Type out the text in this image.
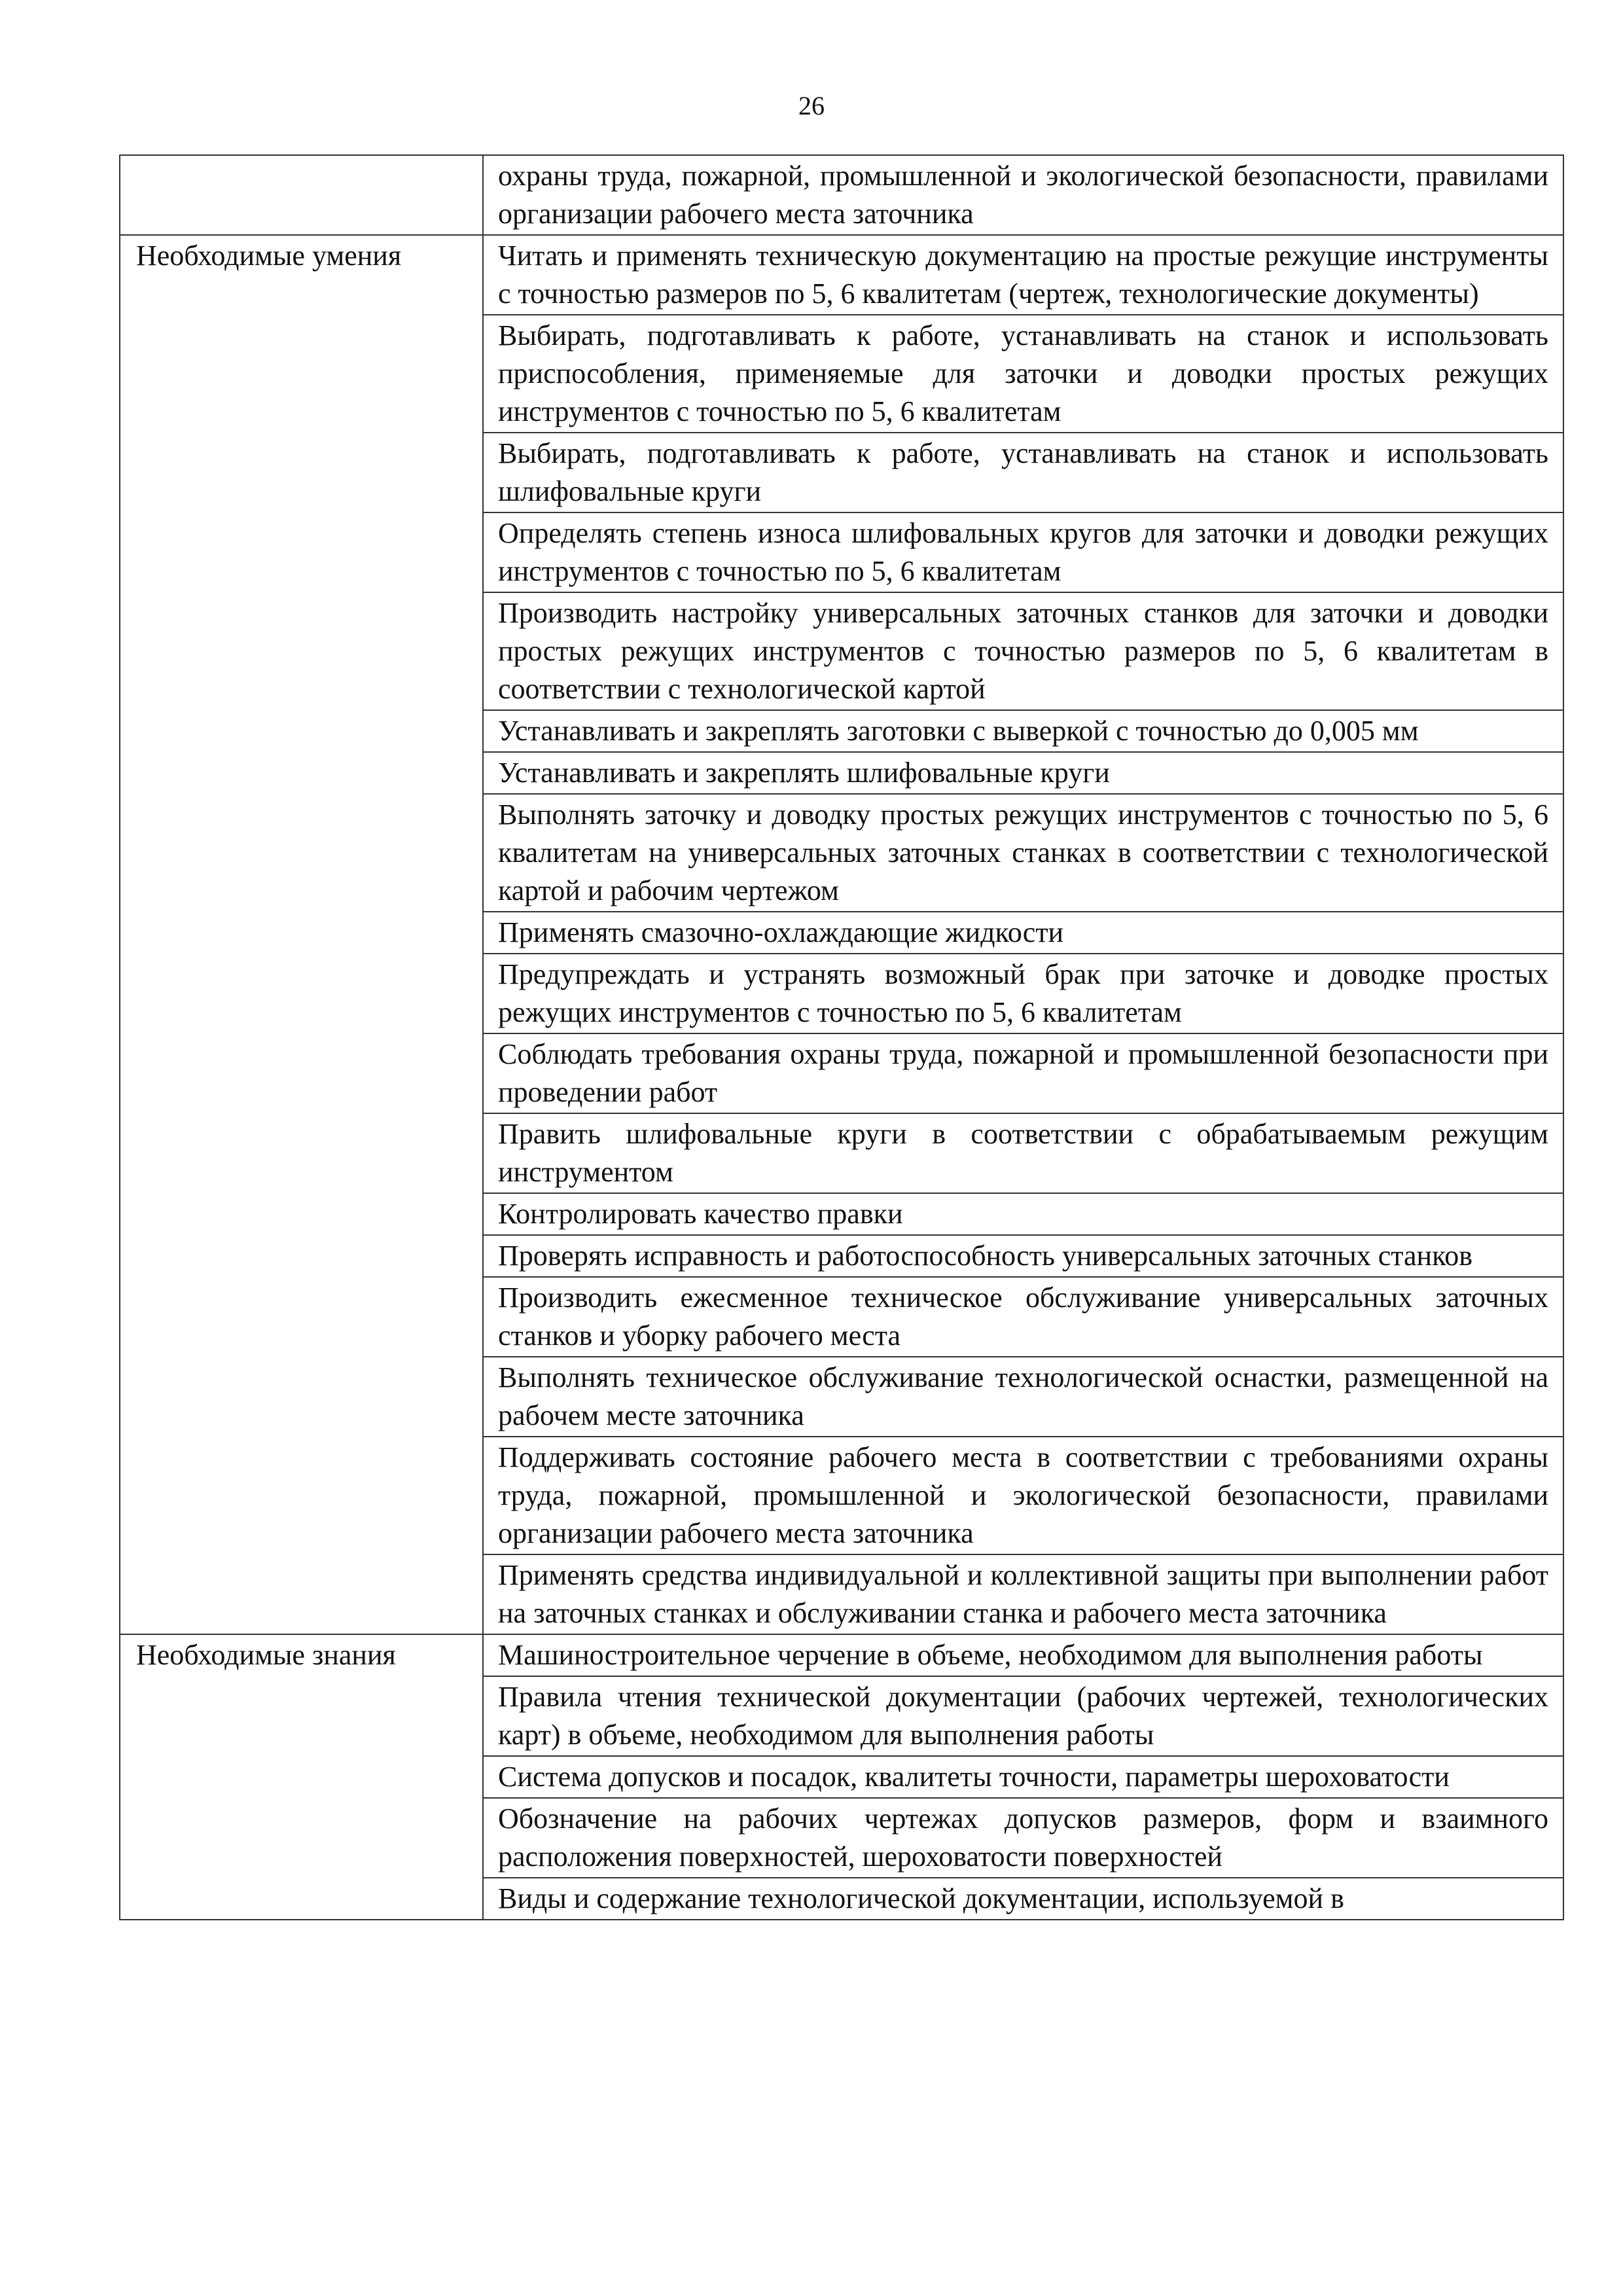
26
	охраны труда, пожарной, промышленной и экологической безопасности, правилами организации рабочего места заточника
Необходимые умения	Читать и применять техническую документацию на простые режущие инструменты с точностью размеров по 5, 6 квалитетам (чертеж, технологические документы)
	Выбирать, подготавливать к работе, устанавливать на станок и использовать приспособления, применяемые для заточки и доводки простых режущих инструментов с точностью по 5, 6 квалитетам
	Выбирать, подготавливать к работе, устанавливать на станок и использовать шлифовальные круги
	Определять степень износа шлифовальных кругов для заточки и доводки режущих инструментов с точностью по 5, 6 квалитетам
	Производить настройку универсальных заточных станков для заточки и доводки простых режущих инструментов с точностью размеров по 5, 6 квалитетам в соответствии с технологической картой
	Устанавливать и закреплять заготовки с выверкой с точностью до 0,005 мм
	Устанавливать и закреплять шлифовальные круги
	Выполнять заточку и доводку простых режущих инструментов с точностью по 5, 6 квалитетам на универсальных заточных станках в соответствии с технологической картой и рабочим чертежом
	Применять смазочно-охлаждающие жидкости
	Предупреждать и устранять возможный брак при заточке и доводке простых режущих инструментов с точностью по 5, 6 квалитетам
	Соблюдать требования охраны труда, пожарной и промышленной безопасности при проведении работ
	Править шлифовальные круги в соответствии с обрабатываемым режущим инструментом
	Контролировать качество правки
	Проверять исправность и работоспособность универсальных заточных станков
	Производить ежесменное техническое обслуживание универсальных заточных станков и уборку рабочего места
	Выполнять техническое обслуживание технологической оснастки, размещенной на рабочем месте заточника
	Поддерживать состояние рабочего места в соответствии с требованиями охраны труда, пожарной, промышленной и экологической безопасности, правилами организации рабочего места заточника
	Применять средства индивидуальной и коллективной защиты при выполнении работ на заточных станках и обслуживании станка и рабочего места заточника
Необходимые знания	Машиностроительное черчение в объеме, необходимом для выполнения работы
	Правила чтения технической документации (рабочих чертежей, технологических карт) в объеме, необходимом для выполнения работы
	Система допусков и посадок, квалитеты точности, параметры шероховатости
	Обозначение на рабочих чертежах допусков размеров, форм и взаимного расположения поверхностей, шероховатости поверхностей
	Виды и содержание технологической документации, используемой в
